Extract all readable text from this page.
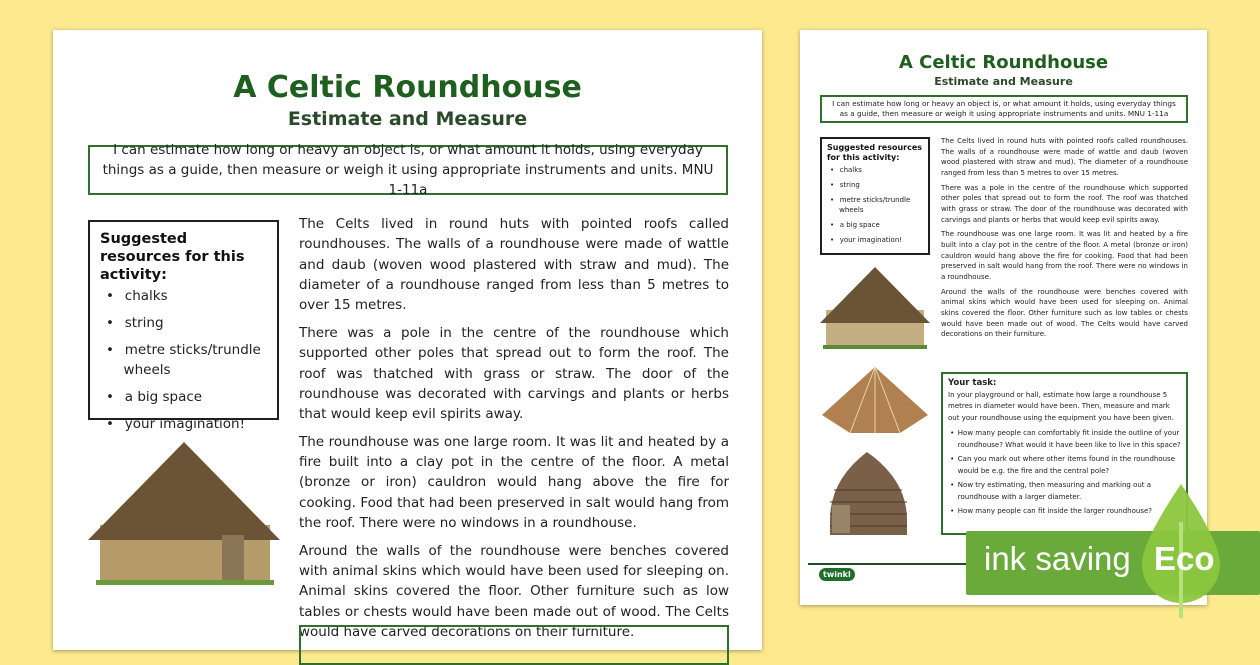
A Celtic Roundhouse
Estimate and Measure
I can estimate how long or heavy an object is, or what amount it holds, using everyday things as a guide, then measure or weigh it using appropriate instruments and units. MNU 1-11a
Suggested resources for this activity:
• chalks
• string
• metre sticks/trundle wheels
• a big space
• your imagination!

The Celts lived in round huts with pointed roofs called roundhouses. The walls of a roundhouse were made of wattle and daub (woven wood plastered with straw and mud). The diameter of a roundhouse ranged from less than 5 metres to over 15 metres.

There was a pole in the centre of the roundhouse which supported other poles that spread out to form the roof. The roof was thatched with grass or straw. The door of the roundhouse was decorated with carvings and plants or herbs that would keep evil spirits away.

The roundhouse was one large room. It was lit and heated by a fire built into a clay pot in the centre of the floor. A metal (bronze or iron) cauldron would hang above the fire for cooking. Food that had been preserved in salt would hang from the roof. There were no windows in a roundhouse.

Around the walls of the roundhouse were benches covered with animal skins which would have been used for sleeping on. Animal skins covered the floor. Other furniture such as low tables or chests would have been made out of wood. The Celts would have carved decorations on their furniture.

A Celtic Roundhouse
Estimate and Measure
I can estimate how long or heavy an object is, or what amount it holds, using everyday things as a guide, then measure or weigh it using appropriate instruments and units. MNU 1-11a
Suggested resources for this activity:
• chalks
• string
• metre sticks/trundle wheels
• a big space
• your imagination!

The Celts lived in round huts with pointed roofs called roundhouses. The walls of a roundhouse were made of wattle and daub (woven wood plastered with straw and mud). The diameter of a roundhouse ranged from less than 5 metres to over 15 metres.

There was a pole in the centre of the roundhouse which supported other poles that spread out to form the roof. The roof was thatched with grass or straw. The door of the roundhouse was decorated with carvings and plants or herbs that would keep evil spirits away.

The roundhouse was one large room. It was lit and heated by a fire built into a clay pot in the centre of the floor. A metal (bronze or iron) cauldron would hang above the fire for cooking. Food that had been preserved in salt would hang from the roof. There were no windows in a roundhouse.

Around the walls of the roundhouse were benches covered with animal skins which would have been used for sleeping on. Animal skins covered the floor. Other furniture such as low tables or chests would have been made out of wood. The Celts would have carved decorations on their furniture.

Your task:

In your playground or hall, estimate how large a roundhouse 5 metres in diameter would have been. Then, measure and mark out your roundhouse using the equipment you have been given.

• How many people can comfortably fit inside the outline of your roundhouse? What would it have been like to live in this space?
• Can you mark out where other items found in the roundhouse would be e.g. the fire and the central pole?
• Now try estimating, then measuring and marking out a roundhouse with a larger diameter.
• How many people can fit inside the larger roundhouse?
twinkl	ink saving Eco
